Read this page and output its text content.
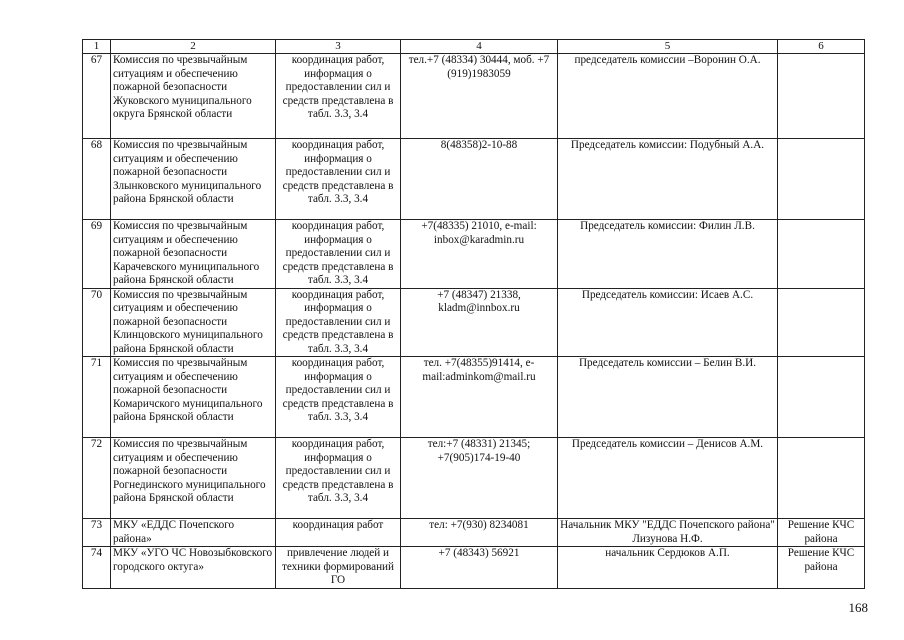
1	2	3	4	5	6
67	Комиссия по чрезвычайным ситуациям и обеспечению пожарной безопасности Жуковского муниципального округа Брянской области	координация работ, информация о предоставлении сил и средств представлена в табл. 3.3, 3.4	тел.+7 (48334) 30444, моб. +7 (919)1983059	председатель комиссии –Воронин О.А.	
68	Комиссия по чрезвычайным ситуациям и обеспечению пожарной безопасности Злынковского муниципального района Брянской области	координация работ, информация о предоставлении сил и средств представлена в табл. 3.3, 3.4	8(48358)2-10-88	Председатель комиссии: Подубный А.А.	
69	Комиссия по чрезвычайным ситуациям и обеспечению пожарной безопасности Карачевского муниципального района Брянской области	координация работ, информация о предоставлении сил и средств представлена в табл. 3.3, 3.4	+7(48335) 21010, e-mail: inbox@karadmin.ru	Председатель комиссии: Филин Л.В.	
70	Комиссия по чрезвычайным ситуациям и обеспечению пожарной безопасности Клинцовского муниципального района Брянской области	координация работ, информация о предоставлении сил и средств представлена в табл. 3.3, 3.4	+7 (48347) 21338, kladm@innbox.ru	Председатель комиссии: Исаев А.С.	
71	Комиссия по чрезвычайным ситуациям и обеспечению пожарной безопасности Комаричского муниципального района Брянской области	координация работ, информация о предоставлении сил и средств представлена в табл. 3.3, 3.4	тел. +7(48355)91414, e-mail:adminkom@mail.ru	Председатель комиссии – Белин В.И.	
72	Комиссия по чрезвычайным ситуациям и обеспечению пожарной безопасности Рогнединского муниципального района Брянской области	координация работ, информация о предоставлении сил и средств представлена в табл. 3.3, 3.4	тел:+7 (48331) 21345; +7(905)174-19-40	Председатель комиссии – Денисов А.М.	
73	МКУ «ЕДДС Почепского района»	координация работ	тел: +7(930) 8234081	Начальник МКУ "ЕДДС Почепского района" Лизунова Н.Ф.	Решение КЧС района
74	МКУ «УГО ЧС Новозыбковского городского октуга»	привлечение людей и техники формирований ГО	+7 (48343) 56921	начальник Сердюков А.П.	Решение КЧС района
168
